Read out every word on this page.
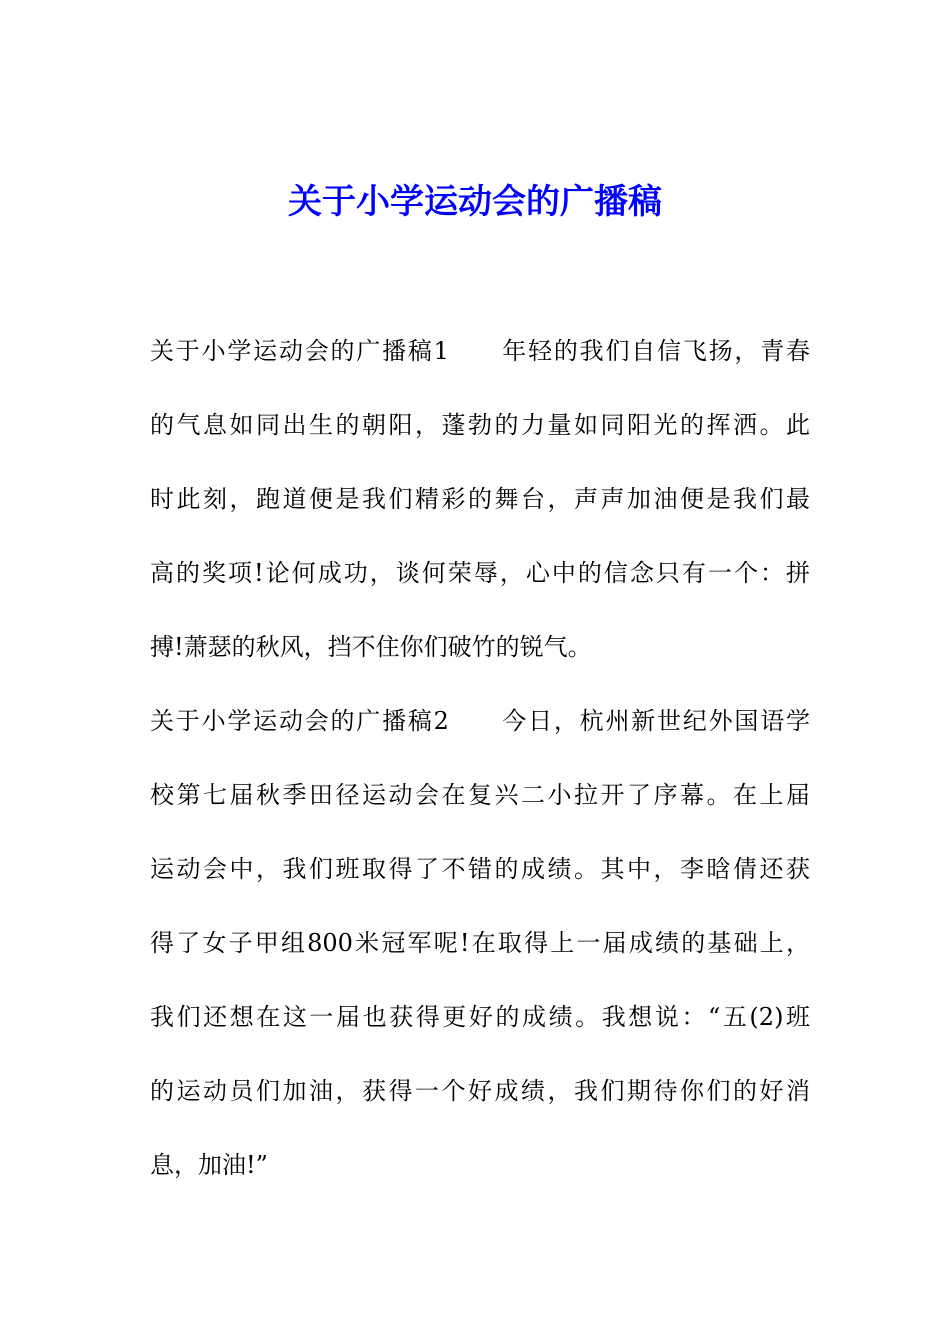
关于小学运动会的广播稿
关于小学运动会的广播稿1　　年轻的我们自信飞扬，青春
的气息如同出生的朝阳，蓬勃的力量如同阳光的挥洒。此
时此刻，跑道便是我们精彩的舞台，声声加油便是我们最
高的奖项!论何成功，谈何荣辱，心中的信念只有一个：拼
搏!萧瑟的秋风，挡不住你们破竹的锐气。
关于小学运动会的广播稿2　　今日，杭州新世纪外国语学
校第七届秋季田径运动会在复兴二小拉开了序幕。在上届
运动会中，我们班取得了不错的成绩。其中，李晗倩还获
得了女子甲组800米冠军呢!在取得上一届成绩的基础上，
我们还想在这一届也获得更好的成绩。我想说：“五(2)班
的运动员们加油，获得一个好成绩，我们期待你们的好消
息，加油!”
